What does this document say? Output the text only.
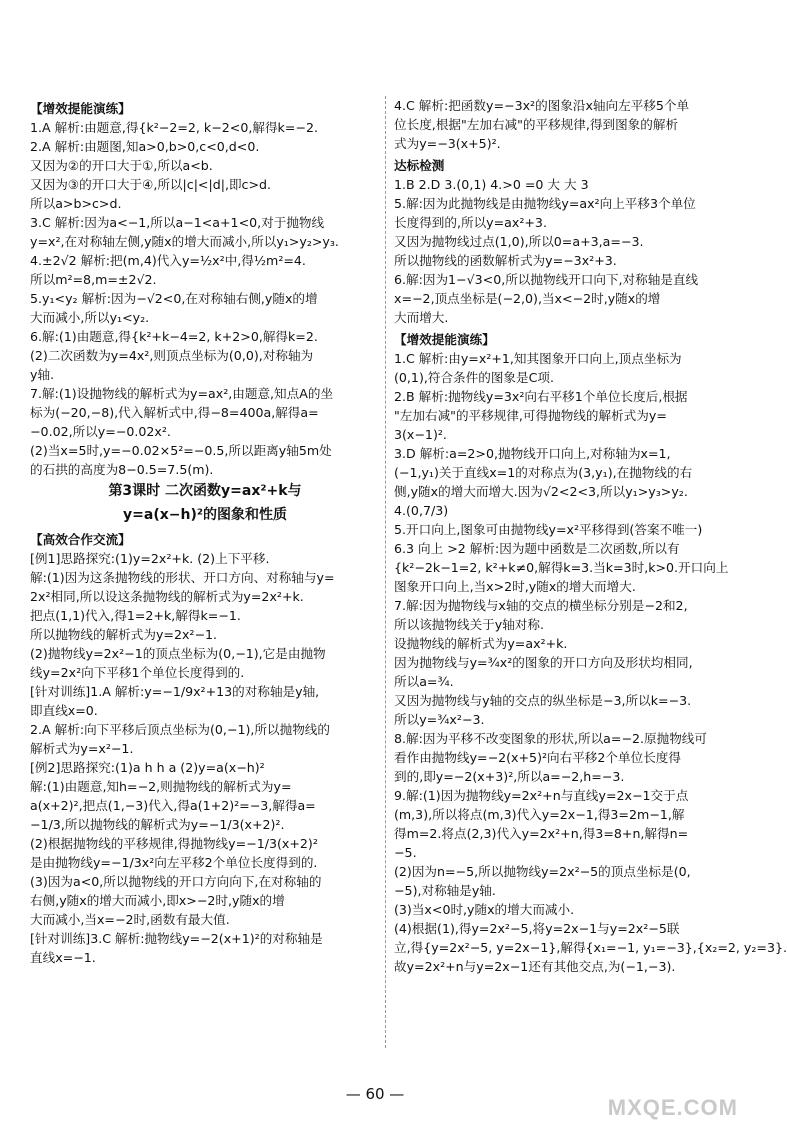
【增效提能演练】
1.A 解析:由题意,得{k²−2=2, k−2<0,解得k=−2.
2.A 解析:由题图,知a>0,b>0,c<0,d<0.
又因为②的开口大于①,所以a<b.
又因为③的开口大于④,所以|c|<|d|,即c>d.
所以a>b>c>d.
3.C 解析:因为a<−1,所以a−1<a+1<0,对于抛物线
y=x²,在对称轴左侧,y随x的增大而减小,所以y₁>y₂>y₃.
4.±2√2 解析:把(m,4)代入y=½x²中,得½m²=4.
所以m²=8,m=±2√2.
5.y₁<y₂ 解析:因为−√2<0,在对称轴右侧,y随x的增
大而减小,所以y₁<y₂.
6.解:(1)由题意,得{k²+k−4=2, k+2>0,解得k=2.
(2)二次函数为y=4x²,则顶点坐标为(0,0),对称轴为
y轴.
7.解:(1)设抛物线的解析式为y=ax²,由题意,知点A的坐
标为(−20,−8),代入解析式中,得−8=400a,解得a=
−0.02,所以y=−0.02x².
(2)当x=5时,y=−0.02×5²=−0.5,所以距离y轴5m处
的石拱的高度为8−0.5=7.5(m).
第3课时 二次函数y=ax²+k与
y=a(x−h)²的图象和性质
【高效合作交流】
[例1]思路探究:(1)y=2x²+k. (2)上下平移.
解:(1)因为这条抛物线的形状、开口方向、对称轴与y=
2x²相同,所以设这条抛物线的解析式为y=2x²+k.
把点(1,1)代入,得1=2+k,解得k=−1.
所以抛物线的解析式为y=2x²−1.
(2)抛物线y=2x²−1的顶点坐标为(0,−1),它是由抛物
线y=2x²向下平移1个单位长度得到的.
[针对训练]1.A 解析:y=−1/9x²+13的对称轴是y轴,
即直线x=0.
2.A 解析:向下平移后顶点坐标为(0,−1),所以抛物线的
解析式为y=x²−1.
[例2]思路探究:(1)a h h a (2)y=a(x−h)²
解:(1)由题意,知h=−2,则抛物线的解析式为y=
a(x+2)²,把点(1,−3)代入,得a(1+2)²=−3,解得a=
−1/3,所以抛物线的解析式为y=−1/3(x+2)².
(2)根据抛物线的平移规律,得抛物线y=−1/3(x+2)²
是由抛物线y=−1/3x²向左平移2个单位长度得到的.
(3)因为a<0,所以抛物线的开口方向向下,在对称轴的
右侧,y随x的增大而减小,即x>−2时,y随x的增
大而减小,当x=−2时,函数有最大值.
[针对训练]3.C 解析:抛物线y=−2(x+1)²的对称轴是
直线x=−1.
4.C 解析:把函数y=−3x²的图象沿x轴向左平移5个单
位长度,根据"左加右减"的平移规律,得到图象的解析
式为y=−3(x+5)².
达标检测
1.B 2.D 3.(0,1) 4.>0 =0 大 大 3
5.解:因为此抛物线是由抛物线y=ax²向上平移3个单位
长度得到的,所以y=ax²+3.
又因为抛物线过点(1,0),所以0=a+3,a=−3.
所以抛物线的函数解析式为y=−3x²+3.
6.解:因为1−√3<0,所以抛物线开口向下,对称轴是直线
x=−2,顶点坐标是(−2,0),当x<−2时,y随x的增
大而增大.
【增效提能演练】
1.C 解析:由y=x²+1,知其图象开口向上,顶点坐标为
(0,1),符合条件的图象是C项.
2.B 解析:抛物线y=3x²向右平移1个单位长度后,根据
"左加右减"的平移规律,可得抛物线的解析式为y=
3(x−1)².
3.D 解析:a=2>0,抛物线开口向上,对称轴为x=1,
(−1,y₁)关于直线x=1的对称点为(3,y₁),在抛物线的右
侧,y随x的增大而增大.因为√2<2<3,所以y₁>y₃>y₂.
4.(0,7/3)
5.开口向上,图象可由抛物线y=x²平移得到(答案不唯一)
6.3 向上 >2 解析:因为题中函数是二次函数,所以有
{k²−2k−1=2, k²+k≠0,解得k=3.当k=3时,k>0.开口向上
图象开口向上,当x>2时,y随x的增大而增大.
7.解:因为抛物线与x轴的交点的横坐标分别是−2和2,
所以该抛物线关于y轴对称.
设抛物线的解析式为y=ax²+k.
因为抛物线与y=¾x²的图象的开口方向及形状均相同,
所以a=¾.
又因为抛物线与y轴的交点的纵坐标是−3,所以k=−3.
所以y=¾x²−3.
8.解:因为平移不改变图象的形状,所以a=−2.原抛物线可
看作由抛物线y=−2(x+5)²向右平移2个单位长度得
到的,即y=−2(x+3)²,所以a=−2,h=−3.
9.解:(1)因为抛物线y=2x²+n与直线y=2x−1交于点
(m,3),所以将点(m,3)代入y=2x−1,得3=2m−1,解
得m=2.将点(2,3)代入y=2x²+n,得3=8+n,解得n=
−5.
(2)因为n=−5,所以抛物线y=2x²−5的顶点坐标是(0,
−5),对称轴是y轴.
(3)当x<0时,y随x的增大而减小.
(4)根据(1),得y=2x²−5,将y=2x−1与y=2x²−5联
立,得{y=2x²−5, y=2x−1},解得{x₁=−1, y₁=−3},{x₂=2, y₂=3}.
故y=2x²+n与y=2x−1还有其他交点,为(−1,−3).
— 60 —
MXQE.COM
